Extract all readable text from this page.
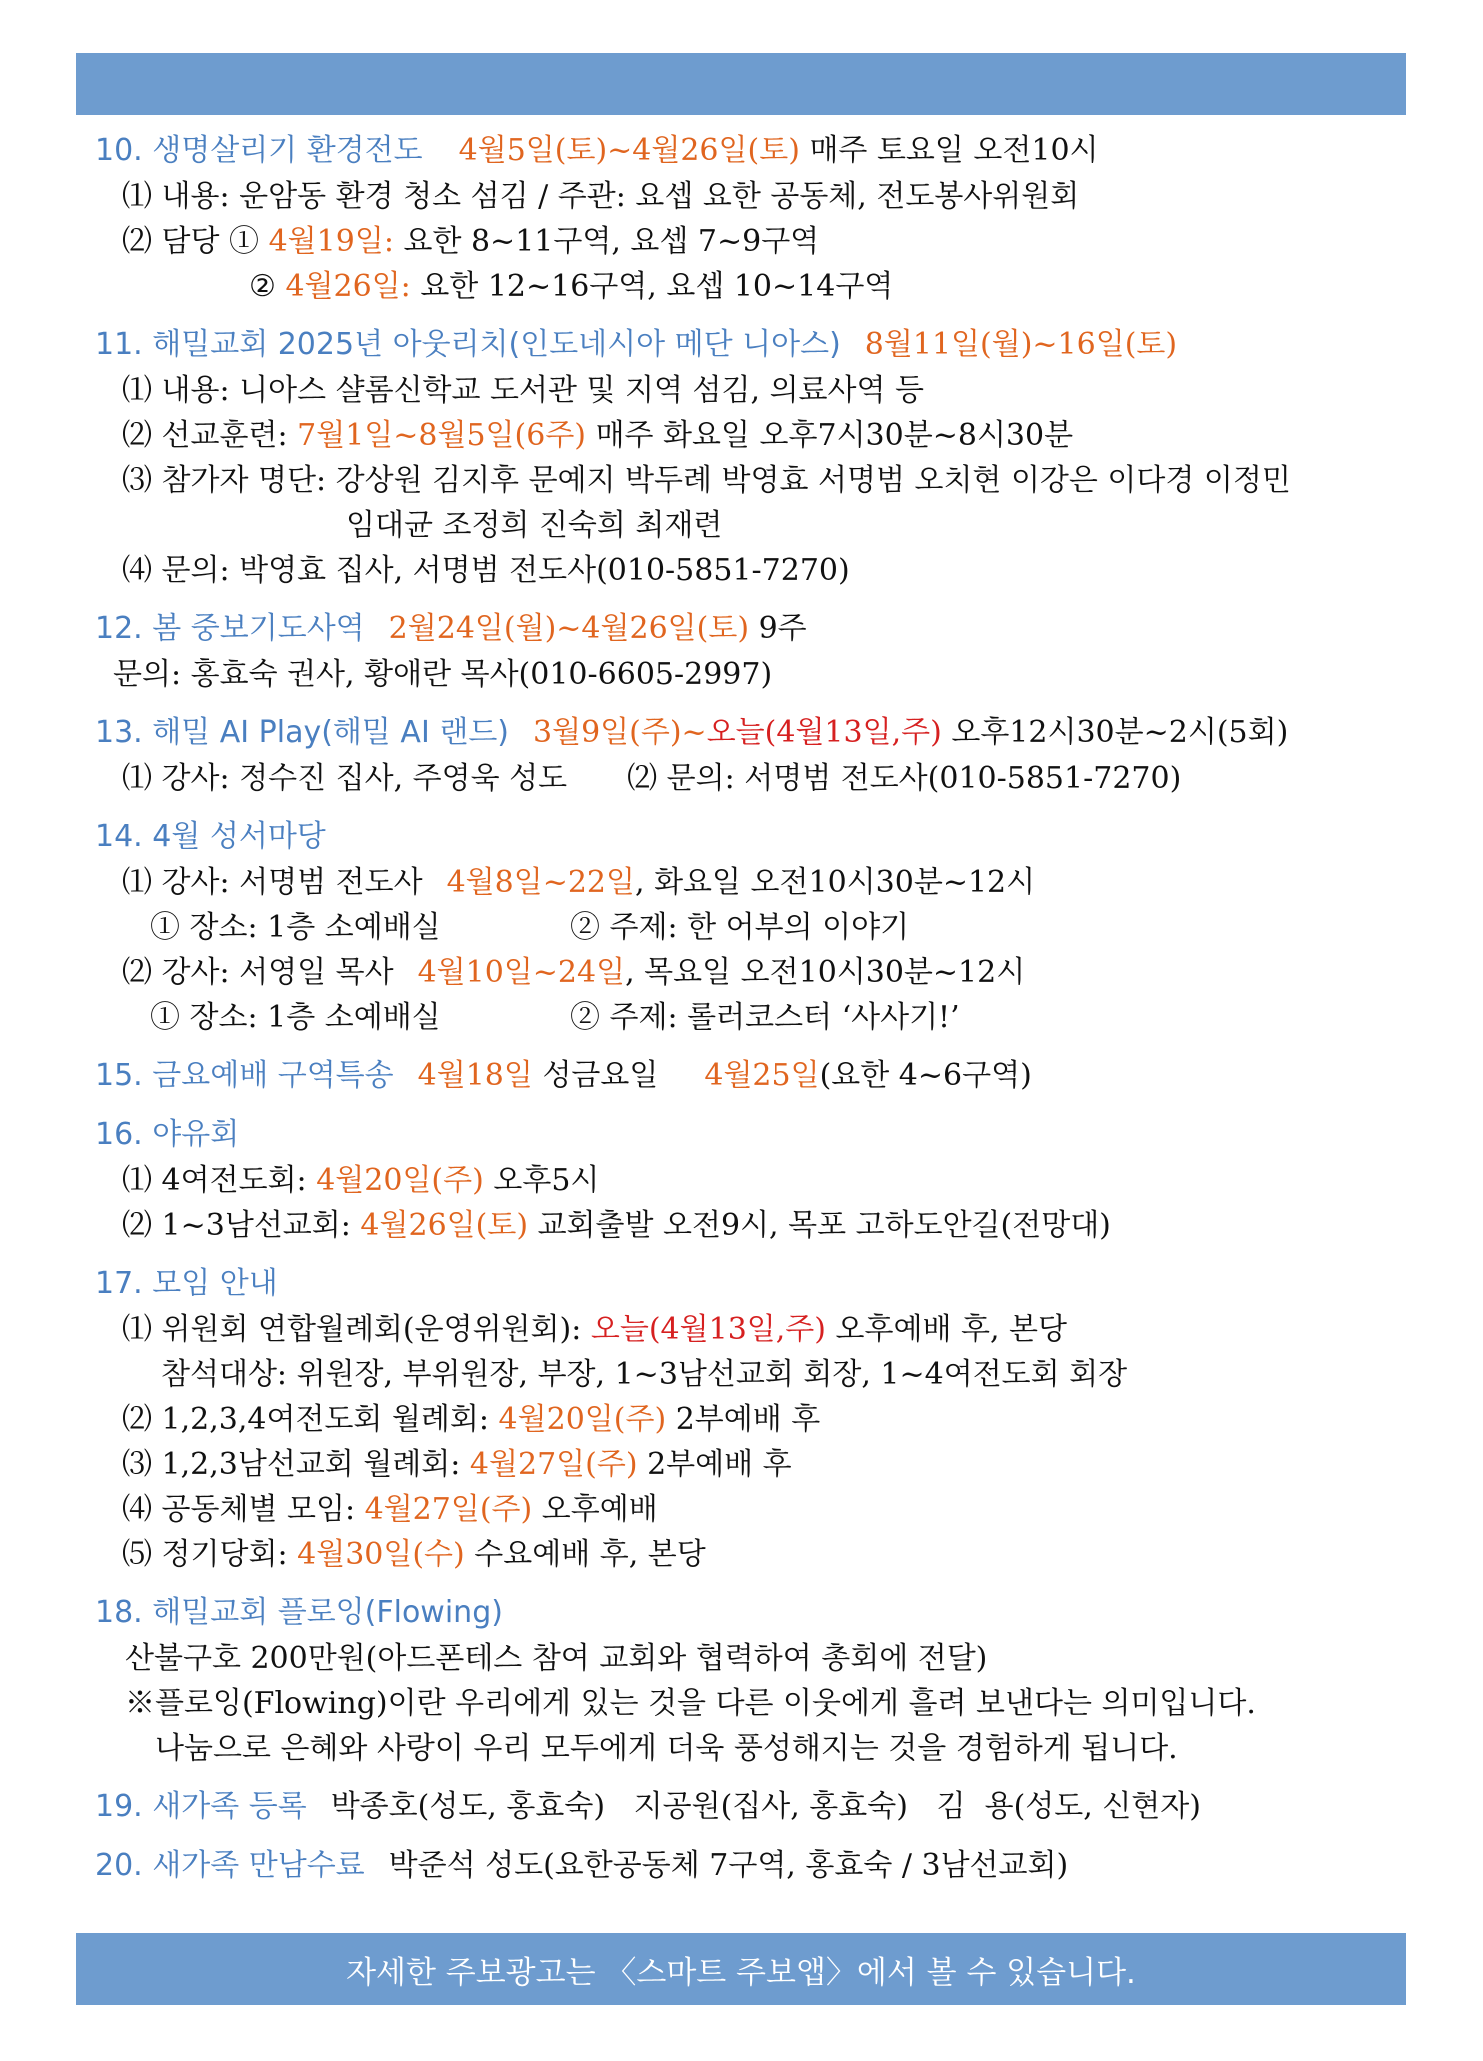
10.
생명살리기 환경전도 4월5일(토)~4월26일(토)
매주 토요일 오전10시
⑴ 내용: 운암동 환경 청소 섬김 / 주관: 요셉 요한 공동체, 전도봉사위원회
⑵ 담당 ①
4월19일:
요한 8~11구역, 요셉 7~9구역
②
4월26일:
요한 12~16구역, 요셉 10~14구역
11.
해밀교회 2025년 아웃리치(인도네시아 메단 니아스) 8월11일(월)~16일(토)
⑴ 내용: 니아스 샬롬신학교 도서관 및 지역 섬김, 의료사역 등
⑵ 선교훈련:
7월1일~8월5일(6주)
매주 화요일 오후7시30분~8시30분
⑶ 참가자 명단: 강상원 김지후 문예지 박두례 박영효 서명범 오치현 이강은 이다경 이정민
임대균 조정희 진숙희 최재련
⑷ 문의: 박영효 집사, 서명범 전도사(010-5851-7270)
12.
봄 중보기도사역 2월24일(월)~4월26일(토)
9주
문의: 홍효숙 권사, 황애란 목사(010-6605-2997)
13.
해밀 AI Play(해밀 AI 랜드) 3월9일(주)~ 오늘(4월13일,주)
오후12시30분~2시(5회)
⑴ 강사: 정수진 집사, 주영욱 성도 ⑵ 문의: 서명범 전도사(010-5851-7270)
14.
4월 성서마당
⑴ 강사: 서명범 전도사 4월8일~22일 , 화요일 오전10시30분~12시
① 장소: 1층 소예배실	② 주제: 한 어부의 이야기
⑵ 강사: 서영일 목사 4월10일~24일 , 목요일 오전10시30분~12시
① 장소: 1층 소예배실	② 주제: 롤러코스터 ‘사사기!’
15.
금요예배 구역특송 4월18일
성금요일 4월25일 (요한 4~6구역)
16.
야유회
⑴ 4여전도회:
4월20일(주)
오후5시
⑵ 1~3남선교회:
4월26일(토)
교회출발 오전9시, 목포 고하도안길(전망대)
17.
모임 안내
⑴ 위원회 연합월례회(운영위원회):
오늘(4월13일,주)
오후예배 후, 본당
참석대상: 위원장, 부위원장, 부장, 1~3남선교회 회장, 1~4여전도회 회장
⑵ 1,2,3,4여전도회 월례회:
4월20일(주)
2부예배 후
⑶ 1,2,3남선교회 월례회:
4월27일(주)
2부예배 후
⑷ 공동체별 모임:
4월27일(주)
오후예배
⑸ 정기당회:
4월30일(수)
수요예배 후, 본당
18.
해밀교회 플로잉(Flowing)
산불구호 200만원(아드폰테스 참여 교회와 협력하여 총회에 전달)
※플로잉(Flowing)이란 우리에게 있는 것을 다른 이웃에게 흘려 보낸다는 의미입니다.
나눔으로 은혜와 사랑이 우리 모두에게 더욱 풍성해지는 것을 경험하게 됩니다.
19.
새가족 등록 박종호(성도, 홍효숙)   지공원(집사, 홍효숙)   김  용(성도, 신현자)
20.
새가족 만남수료 박준석 성도(요한공동체 7구역, 홍효숙 / 3남선교회)
자세한 주보광고는 〈스마트 주보앱〉에서 볼 수 있습니다.
